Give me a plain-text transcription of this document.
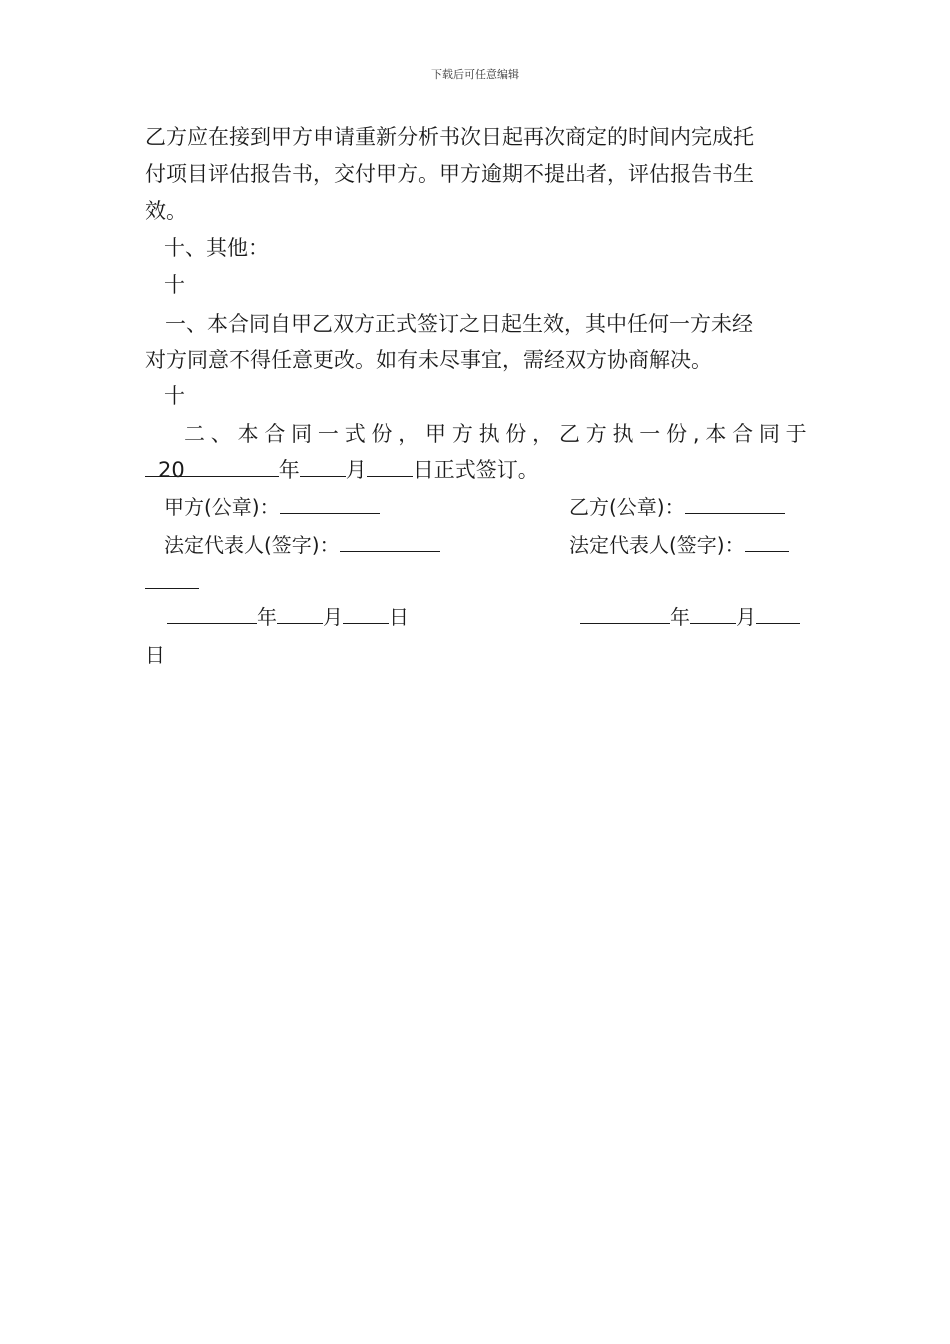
下载后可任意编辑
乙方应在接到甲方申请重新分析书次日起再次商定的时间内完成托
付项目评估报告书，交付甲方。甲方逾期不提出者，评估报告书生
效。
十、其他：
十
一、本合同自甲乙双方正式签订之日起生效，其中任何一方未经
对方同意不得任意更改。如有未尽事宜，需经双方协商解决。
十
二 、 本 合 同 一 式 份 ， 甲 方 执 份 ， 乙 方 执 一 份 , 本 合 同 于
20	年 月 日正式签订。
甲方(公章)：	乙方(公章)：
法定代表人(签字)：	法定代表人(签字)：
年 月 日	年 月
日
